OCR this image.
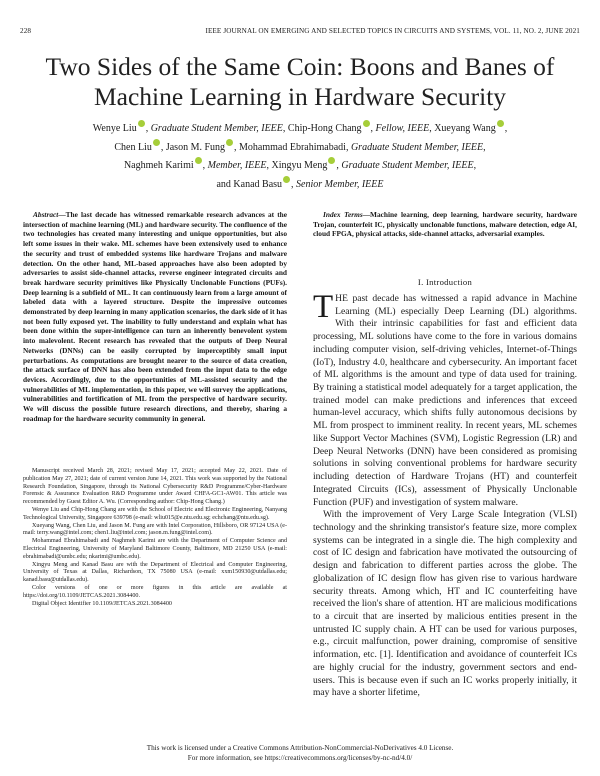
228	IEEE JOURNAL ON EMERGING AND SELECTED TOPICS IN CIRCUITS AND SYSTEMS, VOL. 11, NO. 2, JUNE 2021
Two Sides of the Same Coin: Boons and Banes of
Machine Learning in Hardware Security
Wenye Liu , Graduate Student Member, IEEE, Chip-Hong Chang , Fellow, IEEE, Xueyang Wang ,
Chen Liu , Jason M. Fung , Mohammad Ebrahimabadi, Graduate Student Member, IEEE,
Naghmeh Karimi , Member, IEEE, Xingyu Meng , Graduate Student Member, IEEE,
and Kanad Basu , Senior Member, IEEE

Abstract—The last decade has witnessed remarkable research advances at the intersection of machine learning (ML) and hardware security. The confluence of the two technologies has created many interesting and unique opportunities, but also left some issues in their wake. ML schemes have been extensively used to enhance the security and trust of embedded systems like hardware Trojans and malware detection. On the other hand, ML-based approaches have also been adopted by adversaries to assist side-channel attacks, reverse engineer integrated circuits and break hardware security primitives like Physically Unclonable Functions (PUFs). Deep learning is a subfield of ML. It can continuously learn from a large amount of labeled data with a layered structure. Despite the impressive outcomes demonstrated by deep learning in many application scenarios, the dark side of it has not been fully exposed yet. The inability to fully understand and explain what has been done within the super-intelligence can turn an inherently benevolent system into malevolent. Recent research has revealed that the outputs of Deep Neural Networks (DNNs) can be easily corrupted by imperceptibly small input perturbations. As computations are brought nearer to the source of data creation, the attack surface of DNN has also been extended from the input data to the edge devices. Accordingly, due to the opportunities of ML-assisted security and the vulnerabilities of ML implementation, in this paper, we will survey the applications, vulnerabilities and fortification of ML from the perspective of hardware security. We will discuss the possible future research directions, and thereby, sharing a roadmap for the hardware security community in general.

Manuscript received March 28, 2021; revised May 17, 2021; accepted May 22, 2021. Date of publication May 27, 2021; date of current version June 14, 2021. This work was supported by the National Research Foundation, Singapore, through its National Cybersecurity R&D Programme/Cyber-Hardware Forensic & Assurance Evaluation R&D Programme under Award CHFA-GC1-AW01. This article was recommended by Guest Editor A. Wu. (Corresponding author: Chip-Hong Chang.)

Wenye Liu and Chip-Hong Chang are with the School of Electric and Electronic Engineering, Nanyang Technological University, Singapore 639798 (e-mail: wliu015@e.ntu.edu.sg; echchang@ntu.edu.sg).

Xueyang Wang, Chen Liu, and Jason M. Fung are with Intel Corporation, Hillsboro, OR 97124 USA (e-mail: terry.wang@intel.com; chen1.liu@intel.com; jason.m.fung@intel.com).

Mohammad Ebrahimabadi and Naghmeh Karimi are with the Department of Computer Science and Electrical Engineering, University of Maryland Baltimore County, Baltimore, MD 21250 USA (e-mail: ebrahimabadi@umbc.edu; nkarimi@umbc.edu).

Xingyu Meng and Kanad Basu are with the Department of Electrical and Computer Engineering, University of Texas at Dallas, Richardson, TX 75080 USA (e-mail: xxm150930@utdallas.edu; kanad.basu@utdallas.edu).

Color versions of one or more figures in this article are available at https://doi.org/10.1109/JETCAS.2021.3084400.

Digital Object Identifier 10.1109/JETCAS.2021.3084400

Index Terms—Machine learning, deep learning, hardware security, hardware Trojan, counterfeit IC, physically unclonable functions, malware detection, edge AI, cloud FPGA, physical attacks, side-channel attacks, adversarial examples.

I. Introduction

THE past decade has witnessed a rapid advance in Machine Learning (ML) especially Deep Learning (DL) algorithms. With their intrinsic capabilities for fast and efficient data processing, ML solutions have come to the fore in various domains including computer vision, self-driving vehicles, Internet-of-Things (IoT), Industry 4.0, healthcare and cybersecurity. An important facet of ML algorithms is the amount and type of data used for training. By training a statistical model adequately for a target application, the trained model can make predictions and inferences that exceed human-level accuracy, which shifts fully autonomous decisions by ML from prospect to imminent reality. In recent years, ML schemes like Support Vector Machines (SVM), Logistic Regression (LR) and Deep Neural Networks (DNN) have been considered as promising solutions in solving conventional problems for hardware security including detection of Hardware Trojans (HT) and counterfeit Integrated Circuits (ICs), assessment of Physically Unclonable Function (PUF) and investigation of system malware.

With the improvement of Very Large Scale Integration (VLSI) technology and the shrinking transistor's feature size, more complex systems can be integrated in a single die. The high complexity and cost of IC design and fabrication have motivated the outsourcing of design and fabrication to different parties across the globe. The globalization of IC design flow has given rise to various hardware security threats. Among which, HT and IC counterfeiting have received the lion's share of attention. HT are malicious modifications to a circuit that are inserted by malicious entities present in the untrusted IC supply chain. A HT can be used for various purposes, e.g., circuit malfunction, power draining, compromise of sensitive information, etc. [1]. Identification and avoidance of counterfeit ICs are highly crucial for the industry, government sectors and end-users. This is because even if such an IC works properly initially, it may have a shorter lifetime,

This work is licensed under a Creative Commons Attribution-NonCommercial-NoDerivatives 4.0 License.
For more information, see https://creativecommons.org/licenses/by-nc-nd/4.0/
